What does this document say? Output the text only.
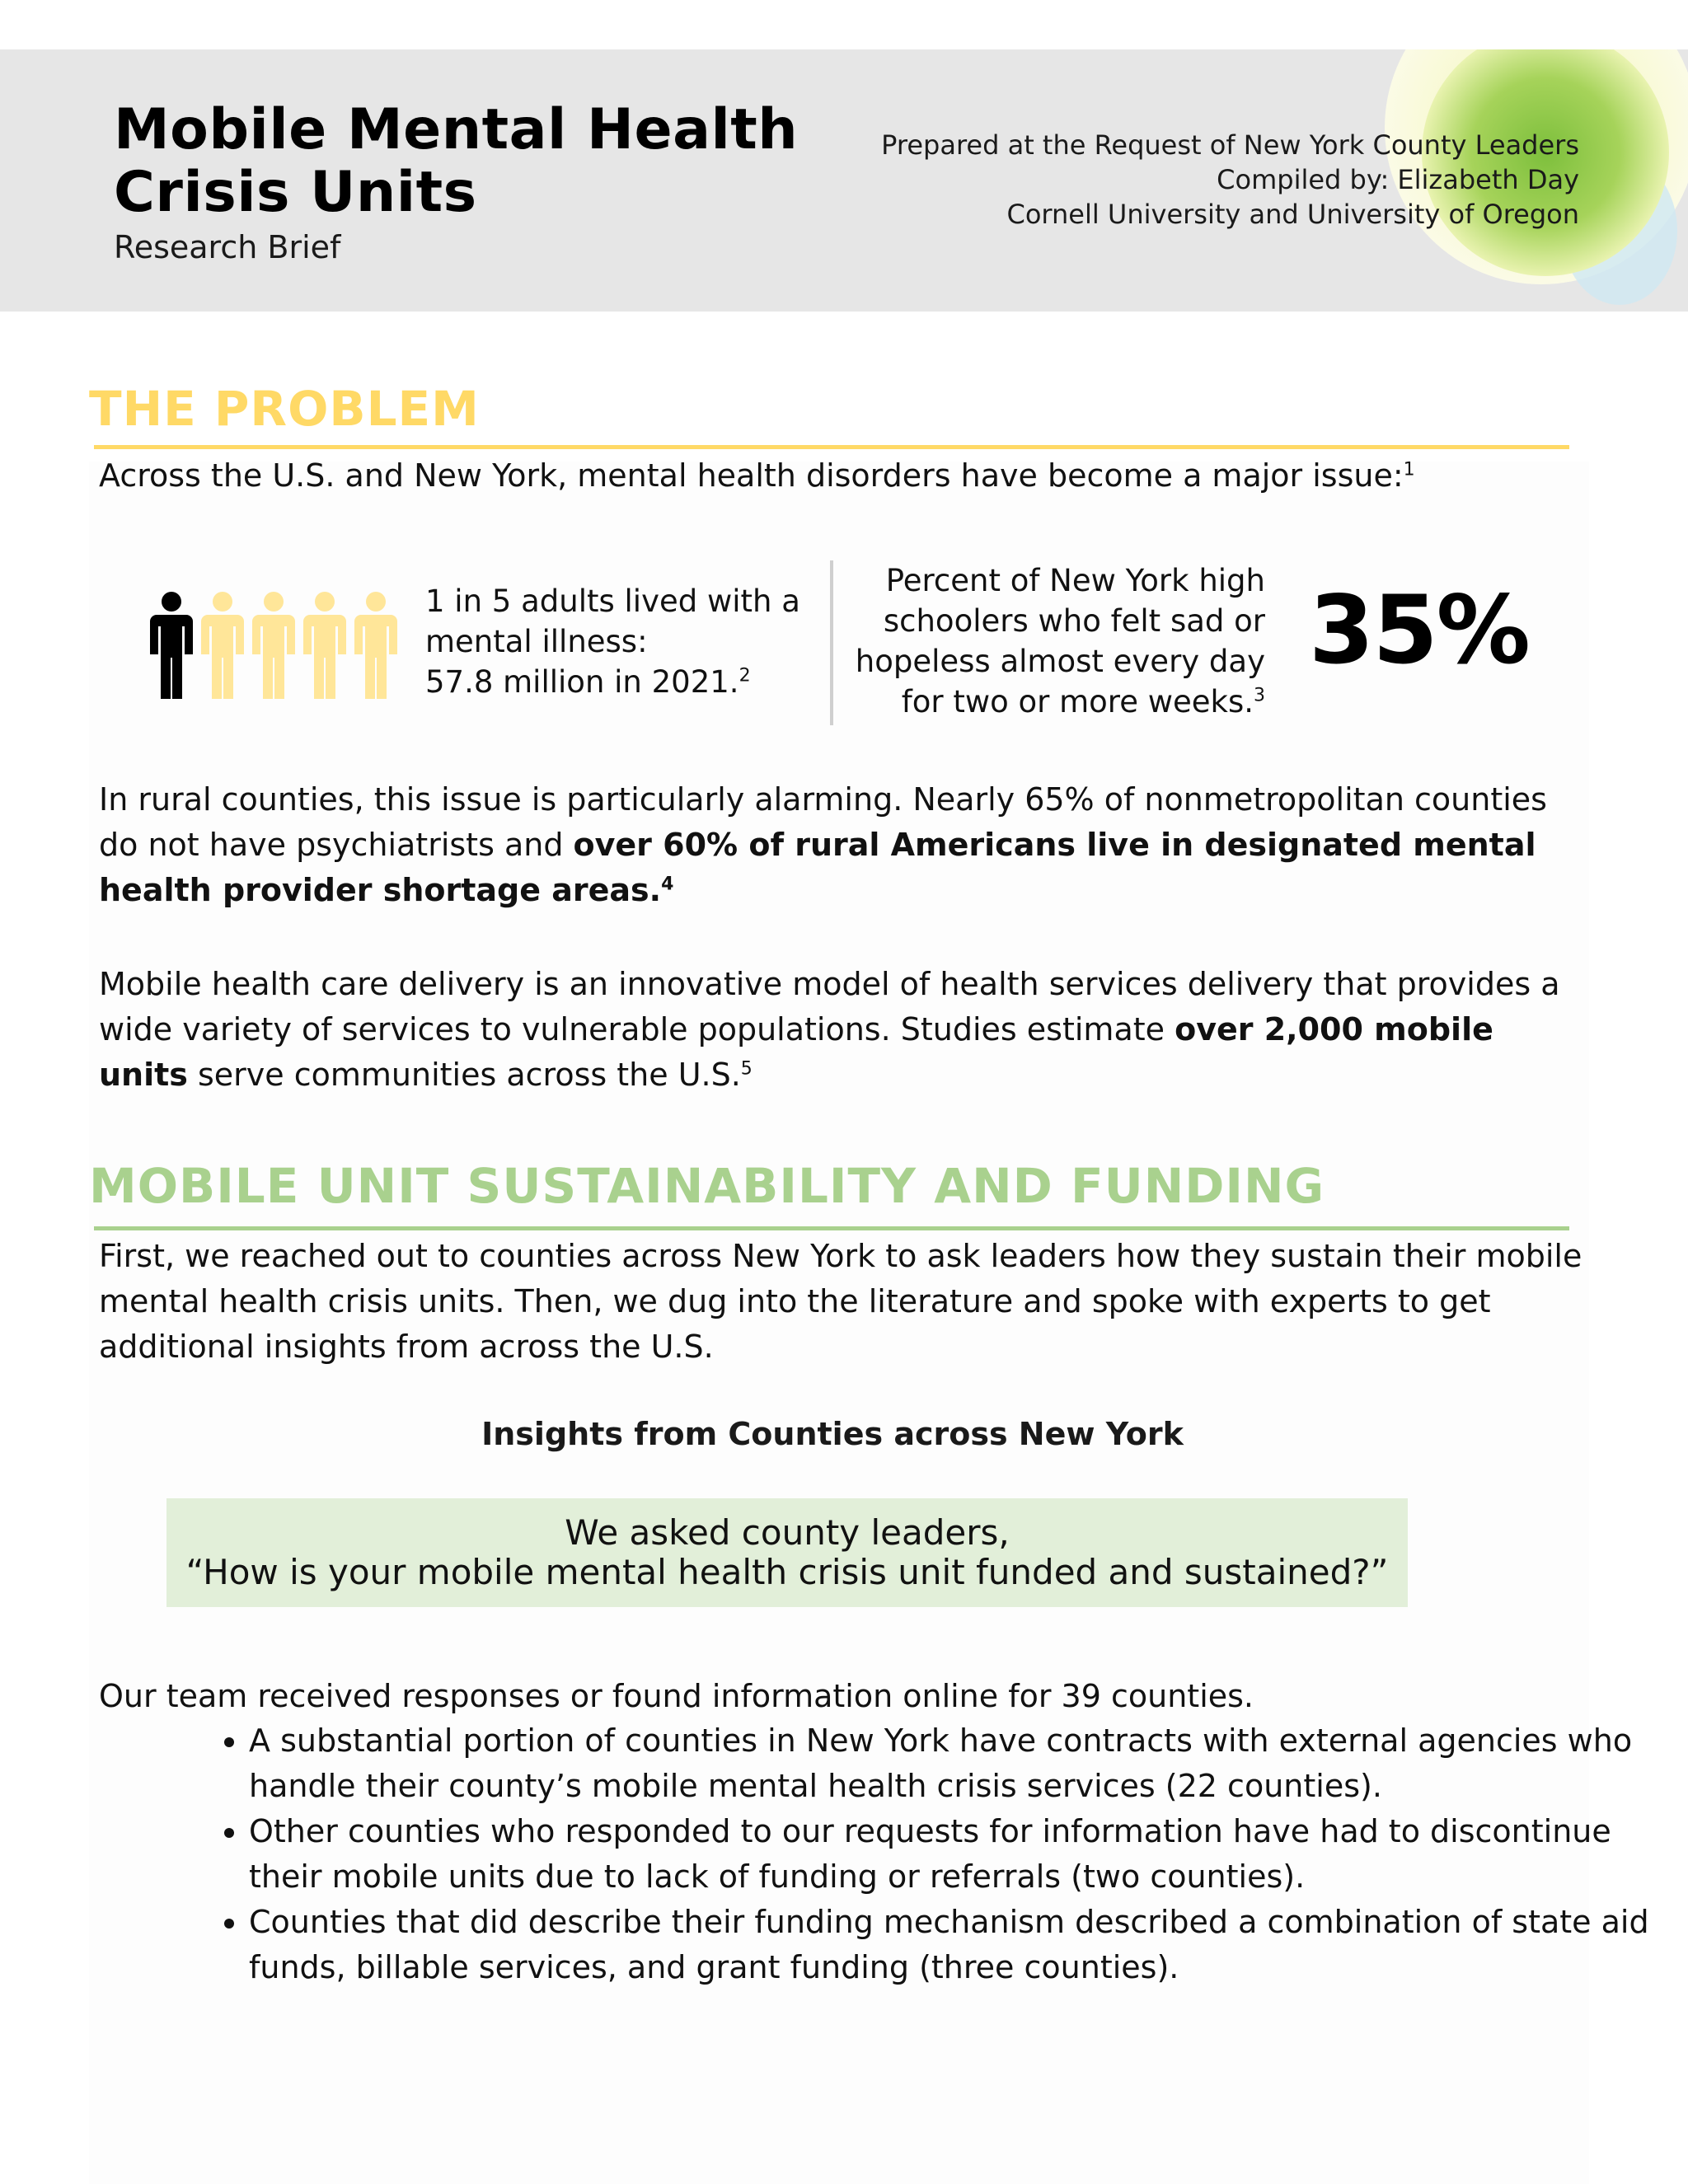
Mobile Mental Health
Crisis Units

Research Brief

Prepared at the Request of New York County Leaders
Compiled by: Elizabeth Day
Cornell University and University of Oregon
THE PROBLEM

Across the U.S. and New York, mental health disorders have become a major issue:$^1$

1 in 5 adults lived with a
mental illness:
57.8 million in 2021.$^2$
Percent of New York high
schoolers who felt sad or
hopeless almost every day
for two or more weeks.$^3$
35%

In rural counties, this issue is particularly alarming. Nearly 65% of nonmetropolitan counties do not have psychiatrists and over 60% of rural Americans live in designated mental health provider shortage areas.$^4$

Mobile health care delivery is an innovative model of health services delivery that provides a wide variety of services to vulnerable populations. Studies estimate over 2,000 mobile units serve communities across the U.S.$^5$

MOBILE UNIT SUSTAINABILITY AND FUNDING

First, we reached out to counties across New York to ask leaders how they sustain their mobile mental health crisis units. Then, we dug into the literature and spoke with experts to get additional insights from across the U.S.

Insights from Counties across New York
We asked county leaders,
“How is your mobile mental health crisis unit funded and sustained?”

Our team received responses or found information online for 39 counties.

• A substantial portion of counties in New York have contracts with external agencies who handle their county’s mobile mental health crisis services (22 counties).
• Other counties who responded to our requests for information have had to discontinue their mobile units due to lack of funding or referrals (two counties).
• Counties that did describe their funding mechanism described a combination of state aid funds, billable services, and grant funding (three counties).
